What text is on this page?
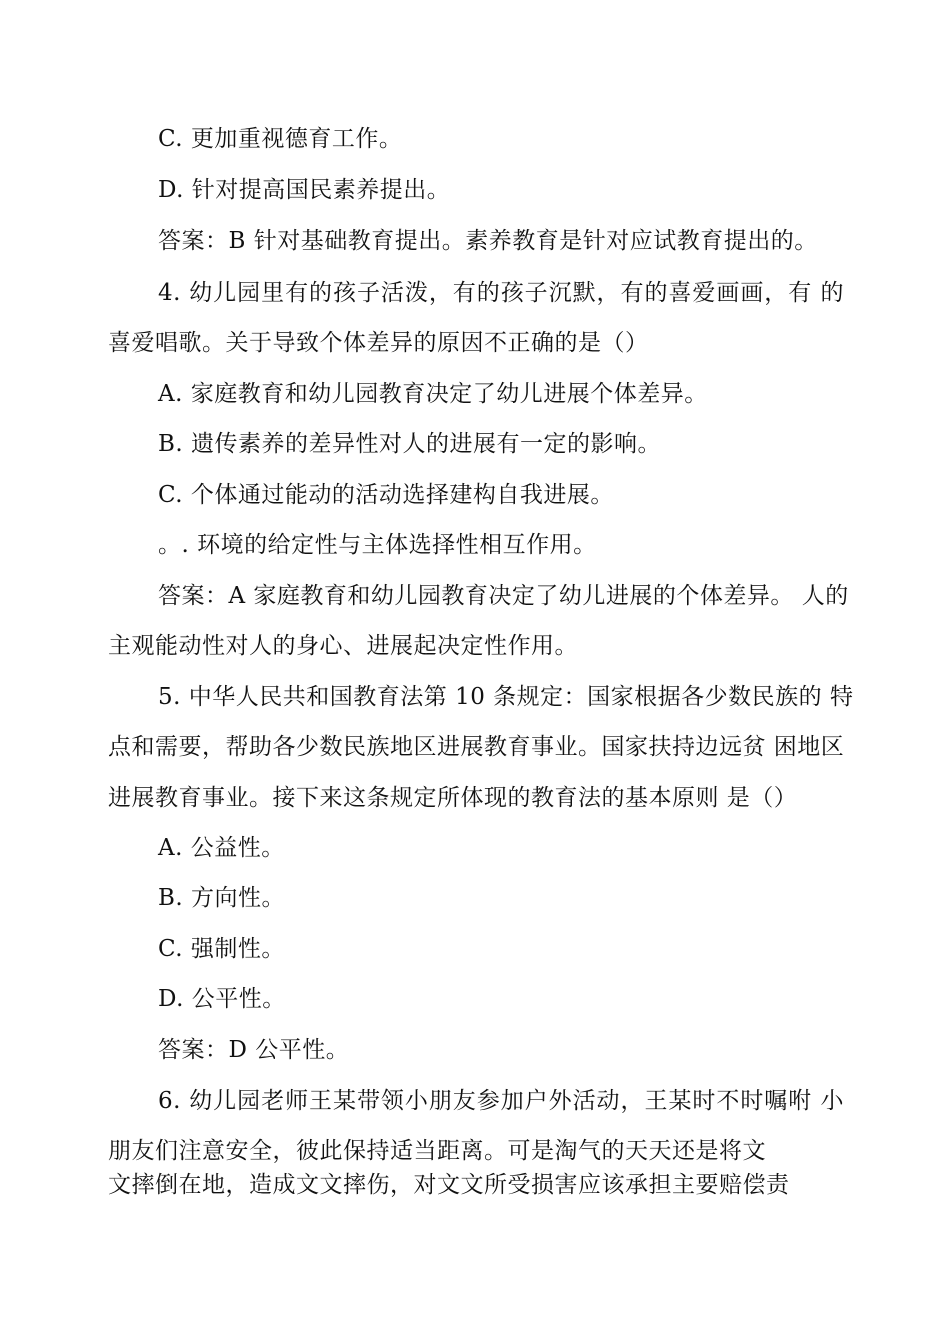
C. 更加重视德育工作。
D. 针对提高国民素养提出。
答案：B 针对基础教育提出。素养教育是针对应试教育提出的。
4. 幼儿园里有的孩子活泼，有的孩子沉默，有的喜爱画画，有 的
喜爱唱歌。关于导致个体差异的原因不正确的是（）
A. 家庭教育和幼儿园教育决定了幼儿进展个体差异。
B. 遗传素养的差异性对人的进展有一定的影响。
C. 个体通过能动的活动选择建构自我进展。
。. 环境的给定性与主体选择性相互作用。
答案：A 家庭教育和幼儿园教育决定了幼儿进展的个体差异。 人的
主观能动性对人的身心、进展起决定性作用。
5. 中华人民共和国教育法第 10 条规定：国家根据各少数民族的 特
点和需要，帮助各少数民族地区进展教育事业。国家扶持边远贫 困地区
进展教育事业。接下来这条规定所体现的教育法的基本原则 是（）
A. 公益性。
B. 方向性。
C. 强制性。
D. 公平性。
答案：D 公平性。
6. 幼儿园老师王某带领小朋友参加户外活动，王某时不时嘱咐 小
朋友们注意安全，彼此保持适当距离。可是淘气的天天还是将文
文摔倒在地，造成文文摔伤，对文文所受损害应该承担主要赔偿责
